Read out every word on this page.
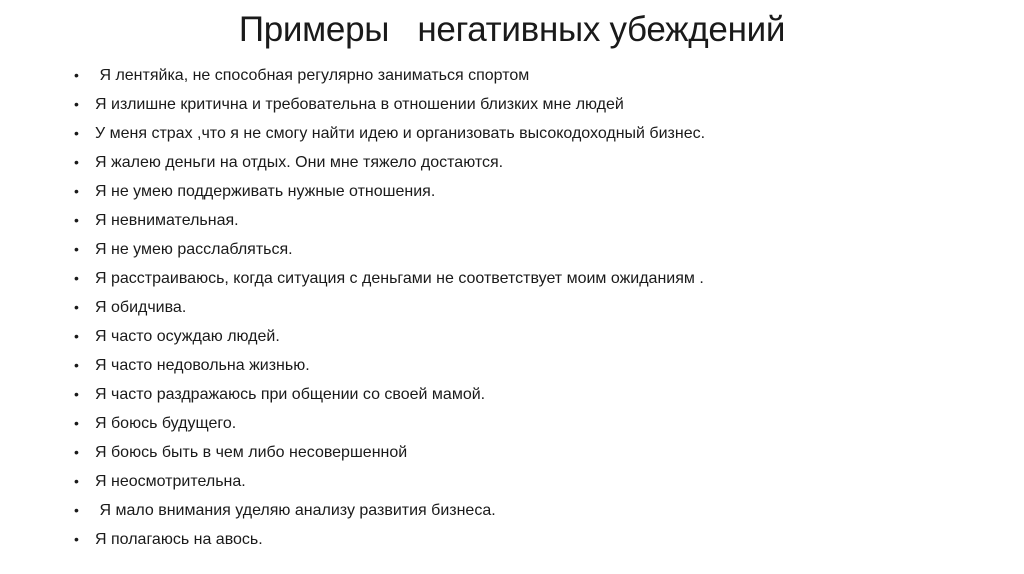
Примеры   негативных убеждений
•	Я лентяйка, не способная регулярно заниматься спортом
•	Я излишне критична и требовательна в отношении близких мне людей
•	У меня страх ,что я не смогу найти идею и организовать высокодоходный бизнес.
•	Я жалею деньги на отдых. Они мне тяжело достаются.
•	Я не умею поддерживать нужные отношения.
•	Я невнимательная.
•	Я не умею расслабляться.
•	Я расстраиваюсь, когда ситуация с деньгами не соответствует моим ожиданиям .
•	Я обидчива.
•	Я часто осуждаю людей.
•	Я часто недовольна жизнью.
•	Я часто раздражаюсь при общении со своей мамой.
•	Я боюсь будущего.
•	Я боюсь быть в чем либо несовершенной
•	Я неосмотрительна.
•	Я мало внимания уделяю анализу развития бизнеса.
•	Я полагаюсь на авось.
